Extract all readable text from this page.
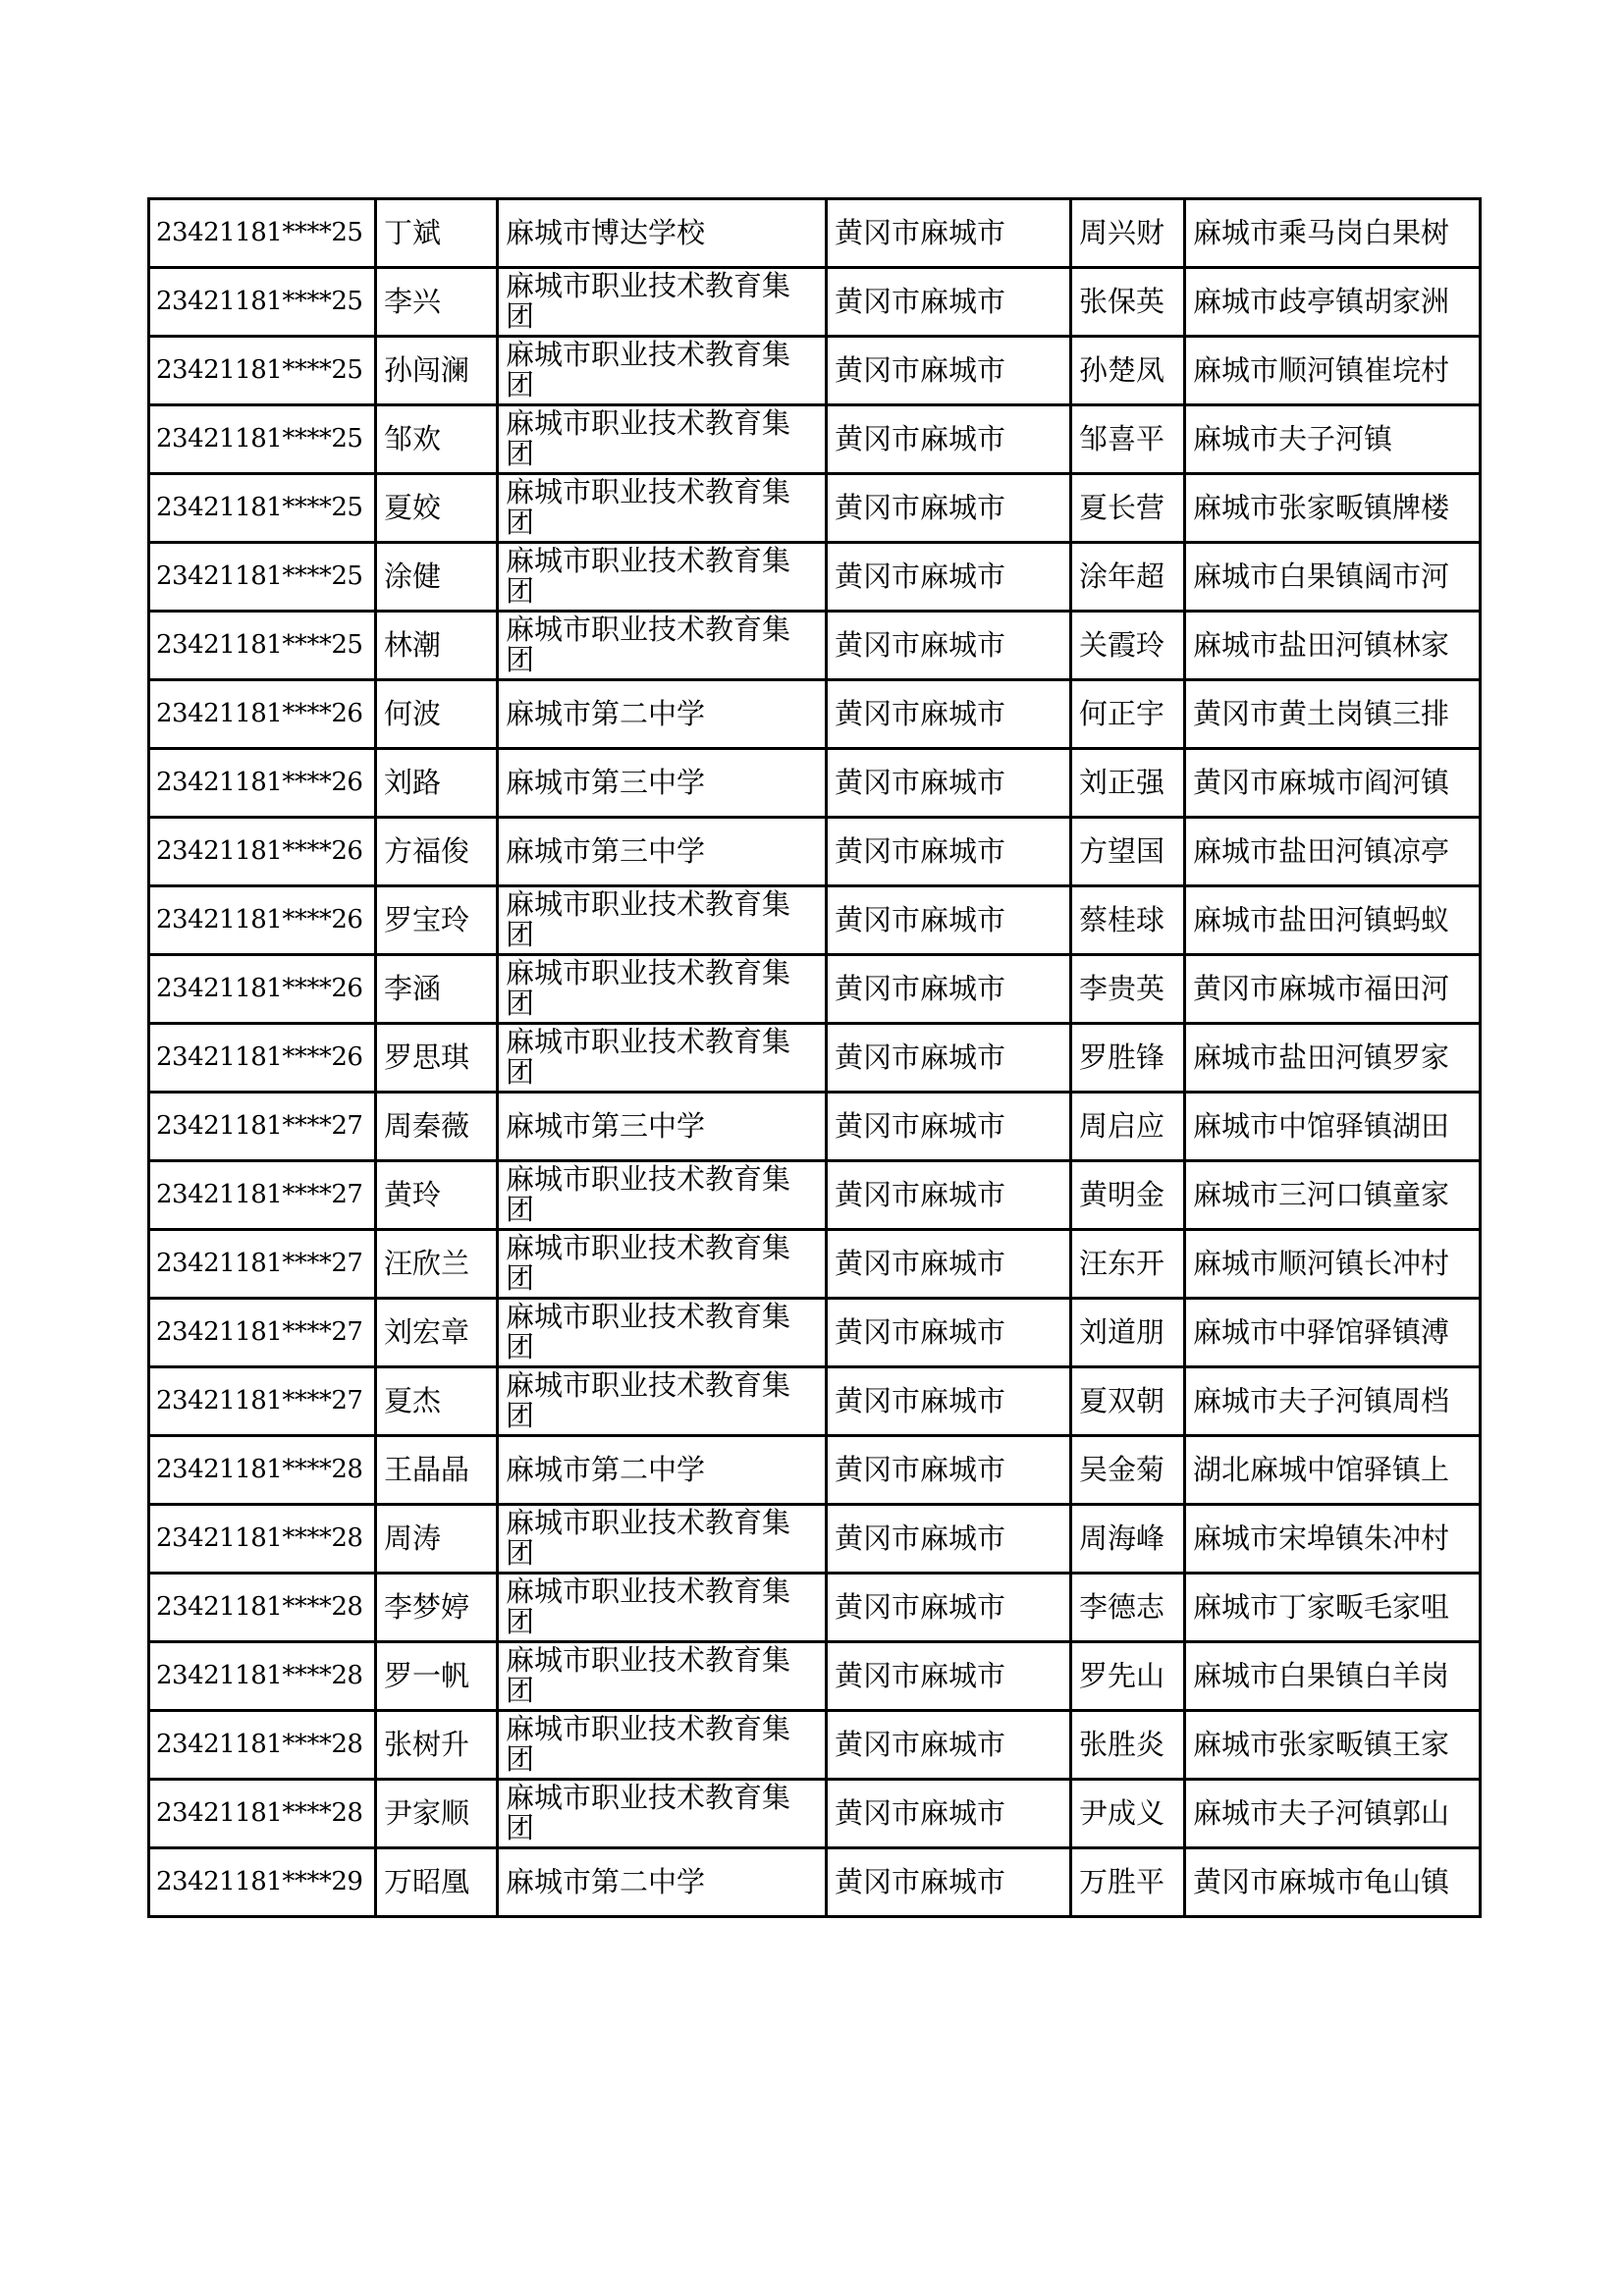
23421181****25	丁斌	麻城市博达学校	黄冈市麻城市	周兴财	麻城市乘马岗白果树
23421181****25	李兴	麻城市职业技术教育集团	黄冈市麻城市	张保英	麻城市歧亭镇胡家洲
23421181****25	孙闯澜	麻城市职业技术教育集团	黄冈市麻城市	孙楚凤	麻城市顺河镇崔垸村
23421181****25	邹欢	麻城市职业技术教育集团	黄冈市麻城市	邹喜平	麻城市夫子河镇
23421181****25	夏姣	麻城市职业技术教育集团	黄冈市麻城市	夏长营	麻城市张家畈镇牌楼
23421181****25	涂健	麻城市职业技术教育集团	黄冈市麻城市	涂年超	麻城市白果镇阔市河
23421181****25	林潮	麻城市职业技术教育集团	黄冈市麻城市	关霞玲	麻城市盐田河镇林家
23421181****26	何波	麻城市第二中学	黄冈市麻城市	何正宇	黄冈市黄土岗镇三排
23421181****26	刘路	麻城市第三中学	黄冈市麻城市	刘正强	黄冈市麻城市阎河镇
23421181****26	方福俊	麻城市第三中学	黄冈市麻城市	方望国	麻城市盐田河镇凉亭
23421181****26	罗宝玲	麻城市职业技术教育集团	黄冈市麻城市	蔡桂球	麻城市盐田河镇蚂蚁
23421181****26	李涵	麻城市职业技术教育集团	黄冈市麻城市	李贵英	黄冈市麻城市福田河
23421181****26	罗思琪	麻城市职业技术教育集团	黄冈市麻城市	罗胜锋	麻城市盐田河镇罗家
23421181****27	周秦薇	麻城市第三中学	黄冈市麻城市	周启应	麻城市中馆驿镇湖田
23421181****27	黄玲	麻城市职业技术教育集团	黄冈市麻城市	黄明金	麻城市三河口镇童家
23421181****27	汪欣兰	麻城市职业技术教育集团	黄冈市麻城市	汪东开	麻城市顺河镇长冲村
23421181****27	刘宏章	麻城市职业技术教育集团	黄冈市麻城市	刘道朋	麻城市中驿馆驿镇溥
23421181****27	夏杰	麻城市职业技术教育集团	黄冈市麻城市	夏双朝	麻城市夫子河镇周档
23421181****28	王晶晶	麻城市第二中学	黄冈市麻城市	吴金菊	湖北麻城中馆驿镇上
23421181****28	周涛	麻城市职业技术教育集团	黄冈市麻城市	周海峰	麻城市宋埠镇朱冲村
23421181****28	李梦婷	麻城市职业技术教育集团	黄冈市麻城市	李德志	麻城市丁家畈毛家咀
23421181****28	罗一帆	麻城市职业技术教育集团	黄冈市麻城市	罗先山	麻城市白果镇白羊岗
23421181****28	张树升	麻城市职业技术教育集团	黄冈市麻城市	张胜炎	麻城市张家畈镇王家
23421181****28	尹家顺	麻城市职业技术教育集团	黄冈市麻城市	尹成义	麻城市夫子河镇郭山
23421181****29	万昭凰	麻城市第二中学	黄冈市麻城市	万胜平	黄冈市麻城市龟山镇
